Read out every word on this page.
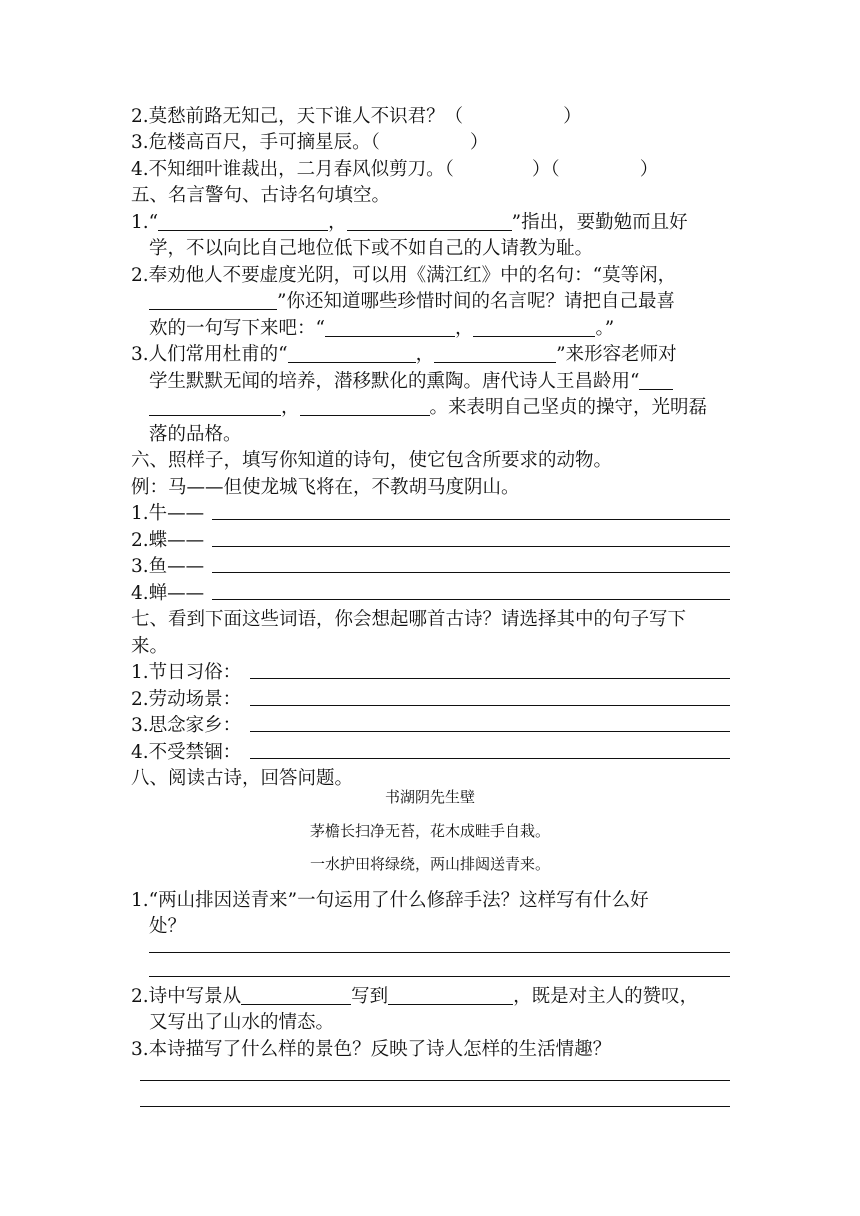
2.莫愁前路无知己，天下谁人不识君？（	）
3.危楼高百尺，手可摘星辰。（	）
4.不知细叶谁裁出，二月春风似剪刀。（	）（	）
五、名言警句、古诗名句填空。
1.“	，	”指出，要勤勉而且好
学，不以向比自己地位低下或不如自己的人请教为耻。
2.奉劝他人不要虚度光阴，可以用《满江红》中的名句：“莫等闲，
”你还知道哪些珍惜时间的名言呢？请把自己最喜
欢的一句写下来吧：“	，	。”
3.人们常用杜甫的“	，	”来形容老师对
学生默默无闻的培养，潜移默化的熏陶。唐代诗人王昌龄用“
，	。来表明自己坚贞的操守，光明磊
落的品格。
六、照样子，填写你知道的诗句，使它包含所要求的动物。
例：马——但使龙城飞将在，不教胡马度阴山。
1.牛——
2.蝶——
3.鱼——
4.蝉——
七、看到下面这些词语，你会想起哪首古诗？请选择其中的句子写下
来。
1.节日习俗：
2.劳动场景：
3.思念家乡：
4.不受禁锢：
八、阅读古诗，回答问题。
书湖阴先生壁
茅檐长扫净无苔，花木成畦手自栽。
一水护田将绿绕，两山排闼送青来。
1.“两山排因送青来”一句运用了什么修辞手法？这样写有什么好
处？
2.诗中写景从	写到	，既是对主人的赞叹，
又写出了山水的情态。
3.本诗描写了什么样的景色？反映了诗人怎样的生活情趣？
